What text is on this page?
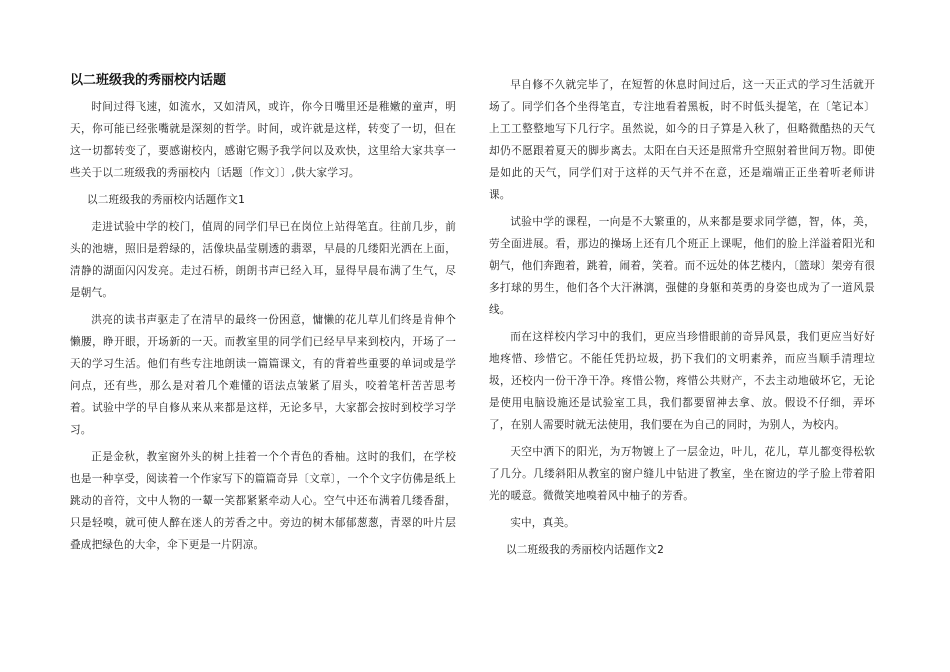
以二班级我的秀丽校内话题

时间过得飞速，如流水，又如清风，或许，你今日嘴里还是稚嫩的童声，明天，你可能已经张嘴就是深刻的哲学。时间，或许就是这样，转变了一切，但在这一切都转变了，要感谢校内，感谢它赐予我学问以及欢快，这里给大家共享一些关于以二班级我的秀丽校内〔话题〔作文〕〕,供大家学习。

以二班级我的秀丽校内话题作文1

走进试验中学的校门，值周的同学们早已在岗位上站得笔直。往前几步，前头的池塘，照旧是碧绿的，活像块晶莹剔透的翡翠，早晨的几缕阳光洒在上面，清静的湖面闪闪发亮。走过石桥，朗朗书声已经入耳，显得早晨布满了生气，尽是朝气。

洪亮的读书声驱走了在清早的最终一份困意，慵懒的花儿草儿们终是肯伸个懒腰，睁开眼，开场新的一天。而教室里的同学们已经早早来到校内，开场了一天的学习生活。他们有些专注地朗读一篇篇课文，有的背着些重要的单词或是学问点，还有些，那么是对着几个难懂的语法点皱紧了眉头，咬着笔杆苦苦思考着。试验中学的早自修从来从来都是这样，无论多早，大家都会按时到校学习学习。

正是金秋，教室窗外头的树上挂着一个个青色的香柚。这时的我们，在学校也是一种享受，阅读着一个作家写下的篇篇奇异〔文章〕，一个个文字仿佛是纸上跳动的音符，文中人物的一颦一笑都紧紧牵动人心。空气中还布满着几缕香甜，只是轻嗅，就可使人醉在迷人的芳香之中。旁边的树木郁郁葱葱，青翠的叶片层叠成把绿色的大伞，伞下更是一片阴凉。

早自修不久就完毕了，在短暂的休息时间过后，这一天正式的学习生活就开场了。同学们各个坐得笔直，专注地看着黑板，时不时低头提笔，在〔笔记本〕上工工整整地写下几行字。虽然说，如今的日子算是入秋了，但略微酷热的天气却仍不愿跟着夏天的脚步离去。太阳在白天还是照常升空照射着世间万物。即使是如此的天气，同学们对于这样的天气并不在意，还是端端正正坐着听老师讲课。

试验中学的课程，一向是不大繁重的，从来都是要求同学德，智，体，美，劳全面进展。看，那边的操场上还有几个班正上课呢，他们的脸上洋溢着阳光和朝气，他们奔跑着，跳着，闹着，笑着。而不远处的体艺楼内，〔篮球〕架旁有很多打球的男生，他们各个大汗淋漓，强健的身躯和英勇的身姿也成为了一道风景线。

而在这样校内学习中的我们，更应当珍惜眼前的奇异风景，我们更应当好好地疼惜、珍惜它。不能任凭扔垃圾，扔下我们的文明素养，而应当顺手清理垃圾，还校内一份干净干净。疼惜公物，疼惜公共财产，不去主动地破坏它，无论是使用电脑设施还是试验室工具，我们都要留神去拿、放。假设不仔细，弄坏了，在别人需要时就无法使用，我们要在为自己的同时，为别人，为校内。

天空中洒下的阳光，为万物镀上了一层金边，叶儿，花儿，草儿都变得松软了几分。几缕斜阳从教室的窗户缝儿中钻进了教室，坐在窗边的学子脸上带着阳光的暖意。微微笑地嗅着风中柚子的芳香。

实中，真美。

以二班级我的秀丽校内话题作文2
